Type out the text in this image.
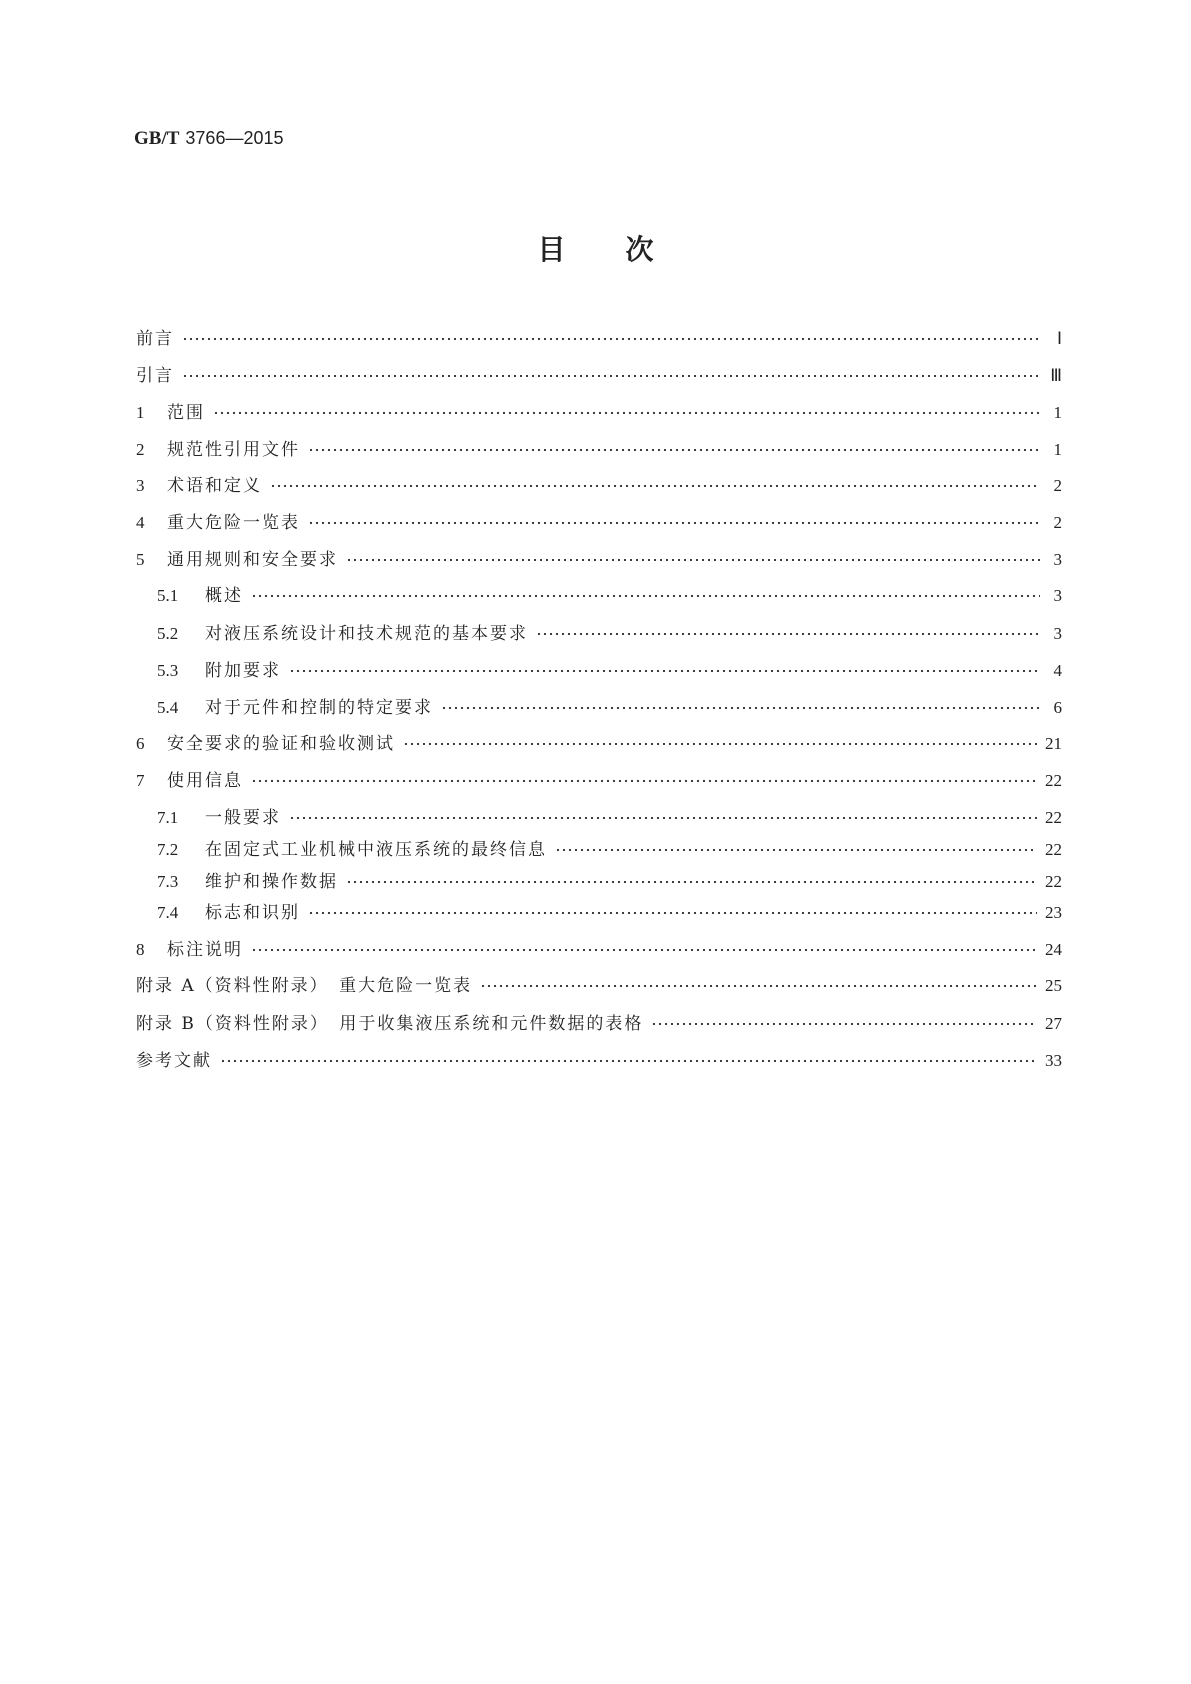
GB/T 3766—2015
目次
前言	Ⅰ
引言	Ⅲ
1	范围	1
2	规范性引用文件	1
3	术语和定义	2
4	重大危险一览表	2
5	通用规则和安全要求	3
5.1	概述	3
5.2	对液压系统设计和技术规范的基本要求	3
5.3	附加要求	4
5.4	对于元件和控制的特定要求	6
6	安全要求的验证和验收测试	21
7	使用信息	22
7.1	一般要求	22
7.2	在固定式工业机械中液压系统的最终信息	22
7.3	维护和操作数据	22
7.4	标志和识别	23
8	标注说明	24
附录 A（资料性附录）　重大危险一览表	25
附录 B（资料性附录）　用于收集液压系统和元件数据的表格	27
参考文献	33
